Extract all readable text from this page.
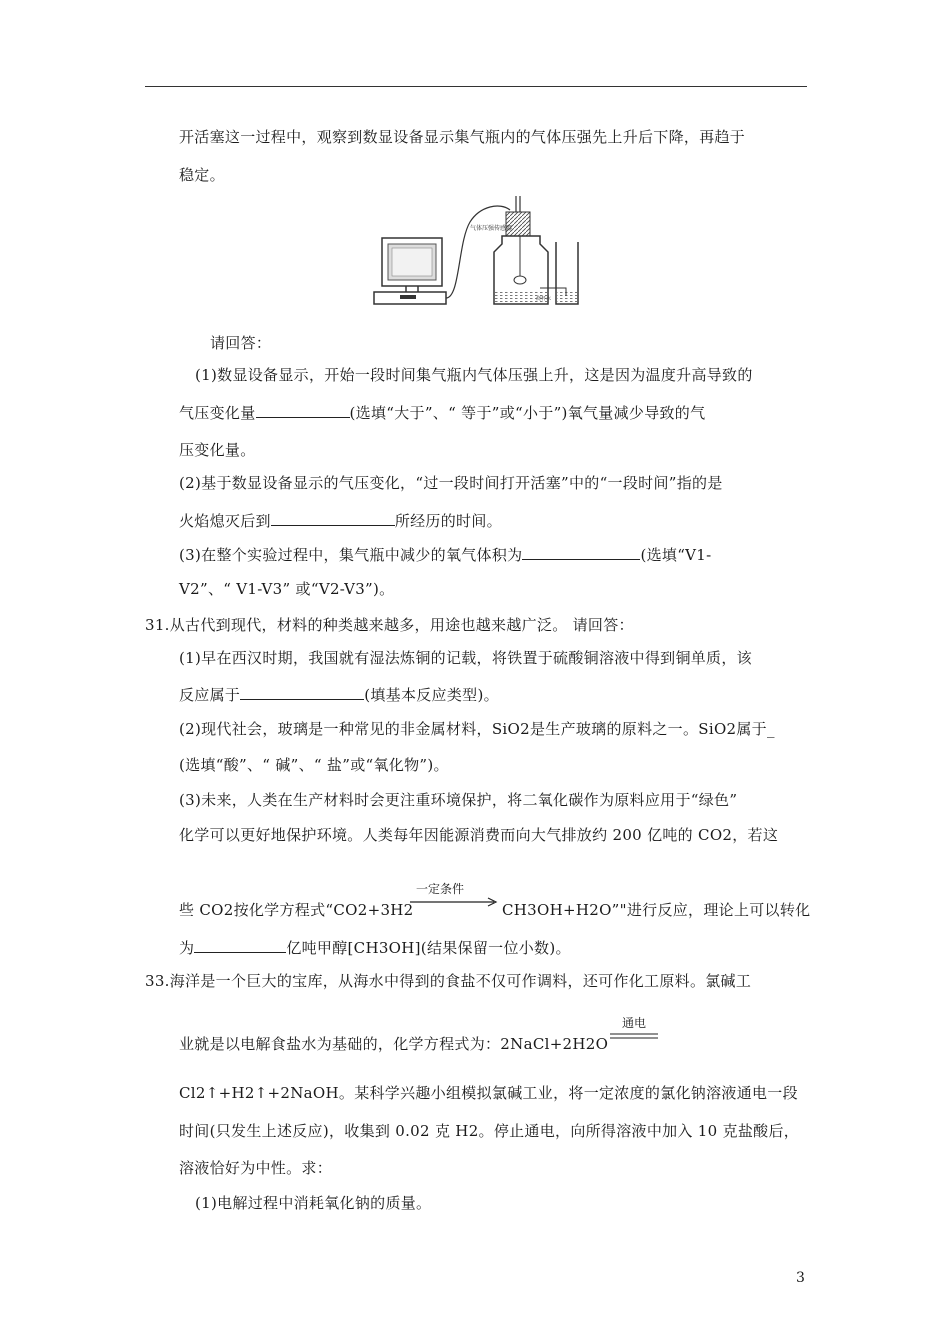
开活塞这一过程中，观察到数显设备显示集气瓶内的气体压强先上升后下降，再趋于
稳定。
气体压强传感器
烧杯水
请回答：
(1)数显设备显示，开始一段时间集气瓶内气体压强上升，这是因为温度升高导致的
气压变化量	(选填“大于”、“ 等于”或“小于”)氧气量减少导致的气
压变化量。
(2)基于数显设备显示的气压变化，“过一段时间打开活塞”中的“一段时间”指的是
火焰熄灭后到	所经历的时间。
(3)在整个实验过程中，集气瓶中减少的氧气体积为	(选填“V1-
V2”、“ V1-V3” 或“V2-V3”)。
31.从古代到现代，材料的种类越来越多，用途也越来越广泛。 请回答：
(1)早在西汉时期，我国就有湿法炼铜的记载，将铁置于硫酸铜溶液中得到铜单质，该
反应属于	(填基本反应类型)。
(2)现代社会，玻璃是一种常见的非金属材料，SiO2是生产玻璃的原料之一。SiO2属于_
(选填“酸”、“ 碱”、“ 盐”或“氧化物”)。
(3)未来，人类在生产材料时会更注重环境保护，将二氧化碳作为原料应用于“绿色”
化学可以更好地保护环境。人类每年因能源消费而向大气排放约 200 亿吨的 CO2，若这
些 CO2按化学方程式“CO2+3H2
一定条件
CH3OH+H2O”"进行反应，理论上可以转化
为	亿吨甲醇[CH3OH](结果保留一位小数)。
33.海洋是一个巨大的宝库，从海水中得到的食盐不仅可作调料，还可作化工原料。氯碱工
业就是以电解食盐水为基础的，化学方程式为：2NaCl+2H2O
通电
Cl2↑+H2↑+2NaOH。某科学兴趣小组模拟氯碱工业，将一定浓度的氯化钠溶液通电一段
时间(只发生上述反应)，收集到 0.02 克 H2。停止通电，向所得溶液中加入 10 克盐酸后，
溶液恰好为中性。求：
(1)电解过程中消耗氧化钠的质量。
3
